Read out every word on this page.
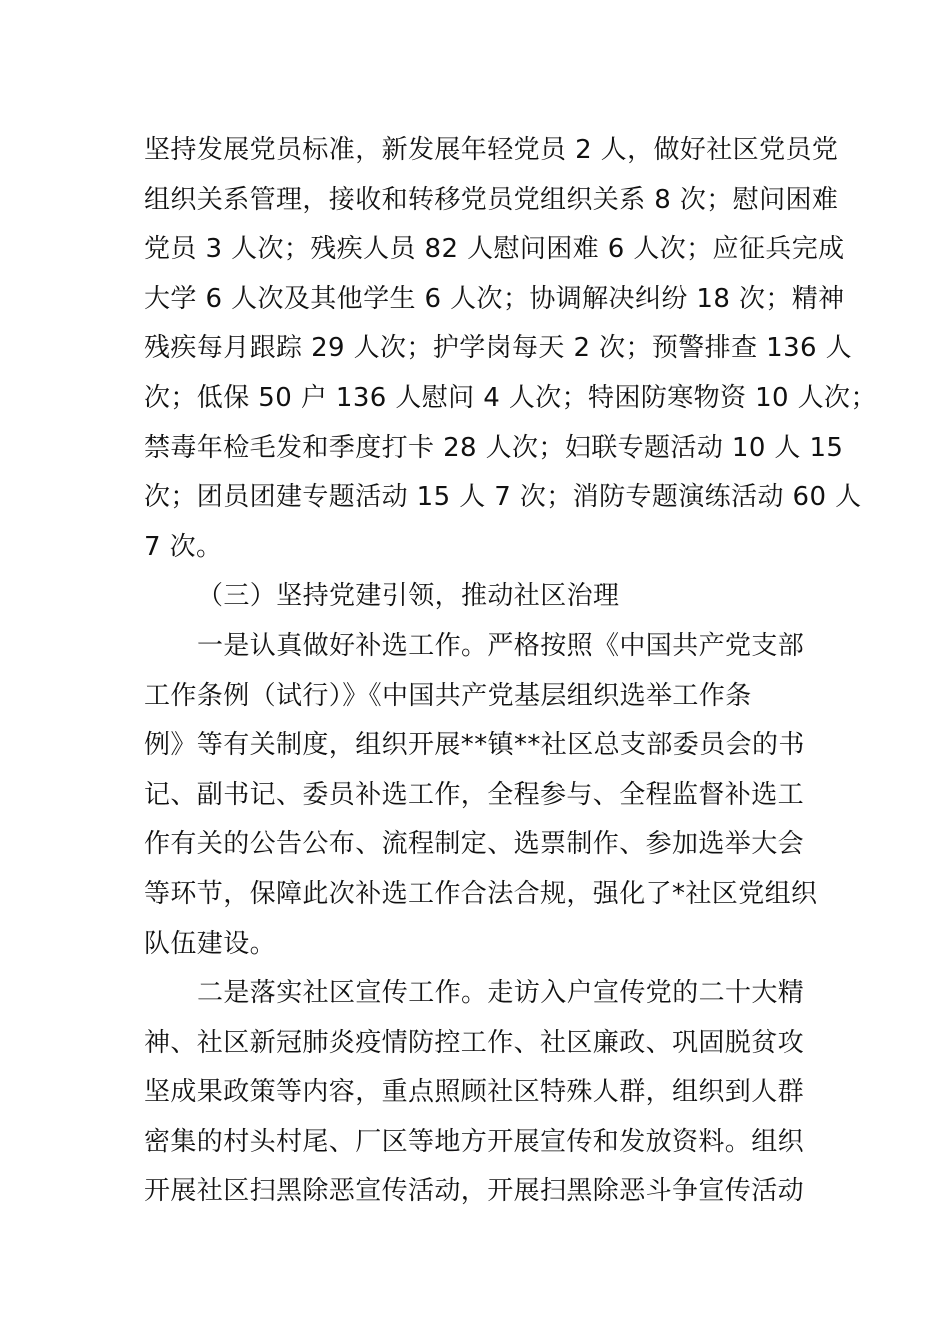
坚持发展党员标准，新发展年轻党员 2 人，做好社区党员党
组织关系管理，接收和转移党员党组织关系 8 次；慰问困难
党员 3 人次；残疾人员 82 人慰问困难 6 人次；应征兵完成
大学 6 人次及其他学生 6 人次；协调解决纠纷 18 次；精神
残疾每月跟踪 29 人次；护学岗每天 2 次；预警排查 136 人
次；低保 50 户 136 人慰问 4 人次；特困防寒物资 10 人次；
禁毒年检毛发和季度打卡 28 人次；妇联专题活动 10 人 15
次；团员团建专题活动 15 人 7 次；消防专题演练活动 60 人
7 次。
（三）坚持党建引领，推动社区治理
一是认真做好补选工作。严格按照《中国共产党支部
工作条例（试行）》《中国共产党基层组织选举工作条
例》等有关制度，组织开展**镇**社区总支部委员会的书
记、副书记、委员补选工作，全程参与、全程监督补选工
作有关的公告公布、流程制定、选票制作、参加选举大会
等环节，保障此次补选工作合法合规，强化了*社区党组织
队伍建设。
二是落实社区宣传工作。走访入户宣传党的二十大精
神、社区新冠肺炎疫情防控工作、社区廉政、巩固脱贫攻
坚成果政策等内容，重点照顾社区特殊人群，组织到人群
密集的村头村尾、厂区等地方开展宣传和发放资料。组织
开展社区扫黑除恶宣传活动，开展扫黑除恶斗争宣传活动
